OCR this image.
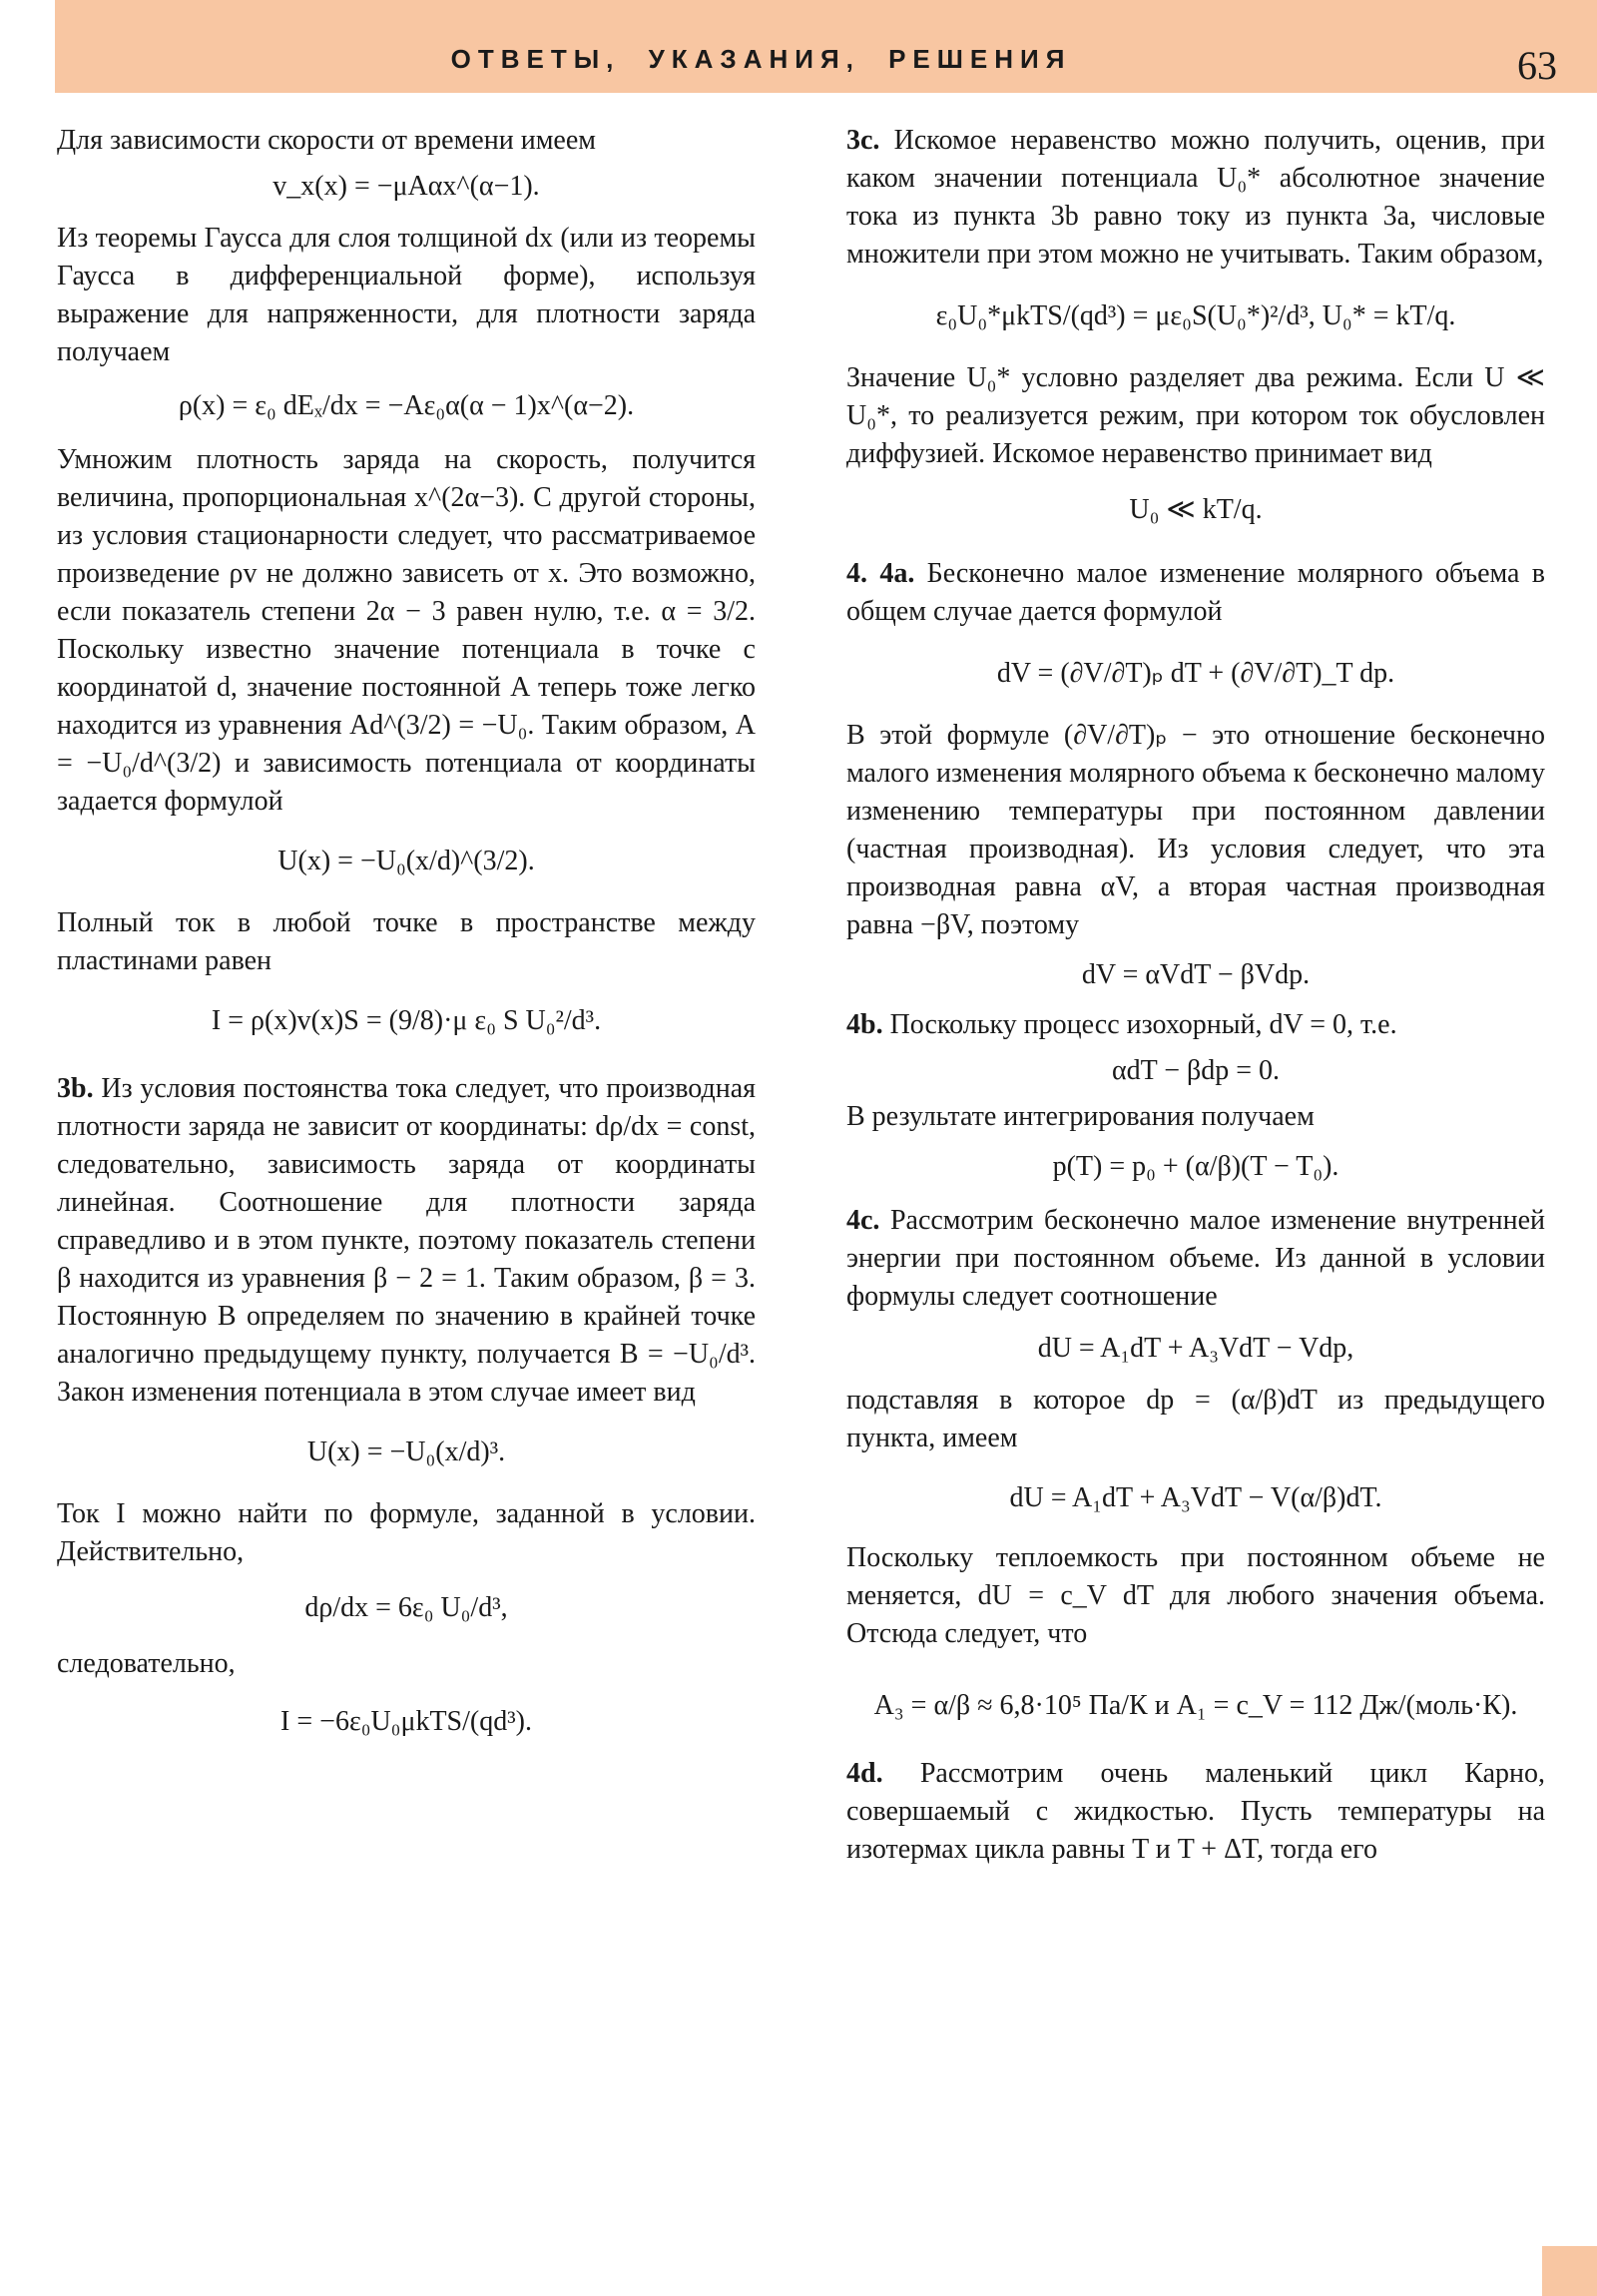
ОТВЕТЫ, УКАЗАНИЯ, РЕШЕНИЯ	63

Для зависимости скорости от времени имеем

v_x(x) = −μAαx^(α−1).

Из теоремы Гаусса для слоя толщиной dx (или из теоремы Гаусса в дифференциальной форме), используя выражение для напряженности, для плотности заряда получаем

ρ(x) = ε₀ dEₓ/dx = −Aε₀α(α − 1)x^(α−2).

Умножим плотность заряда на скорость, получится величина, пропорциональная x^(2α−3). С другой стороны, из условия стационарности следует, что рассматриваемое произведение ρv не должно зависеть от x. Это возможно, если показатель степени 2α − 3 равен нулю, т.е. α = 3/2. Поскольку известно значение потенциала в точке с координатой d, значение постоянной A теперь тоже легко находится из уравнения Ad^(3/2) = −U₀. Таким образом, A = −U₀/d^(3/2) и зависимость потенциала от координаты задается формулой

U(x) = −U₀(x/d)^(3/2).

Полный ток в любой точке в пространстве между пластинами равен

I = ρ(x)v(x)S = (9/8)·μ ε₀ S U₀²/d³.

3b. Из условия постоянства тока следует, что производная плотности заряда не зависит от координаты: dρ/dx = const, следовательно, зависимость заряда от координаты линейная. Соотношение для плотности заряда справедливо и в этом пункте, поэтому показатель степени β находится из уравнения β − 2 = 1. Таким образом, β = 3. Постоянную B определяем по значению в крайней точке аналогично предыдущему пункту, получается B = −U₀/d³. Закон изменения потенциала в этом случае имеет вид

U(x) = −U₀(x/d)³.

Ток I можно найти по формуле, заданной в условии. Действительно,

dρ/dx = 6ε₀ U₀/d³,

следовательно,

I = −6ε₀U₀μkTS/(qd³).

3c. Искомое неравенство можно получить, оценив, при каком значении потенциала U₀* абсолютное значение тока из пункта 3b равно току из пункта 3a, числовые множители при этом можно не учитывать. Таким образом,

ε₀U₀*μkTS/(qd³) = με₀S(U₀*)²/d³, U₀* = kT/q.

Значение U₀* условно разделяет два режима. Если U ≪ U₀*, то реализуется режим, при котором ток обусловлен диффузией. Искомое неравенство принимает вид

U₀ ≪ kT/q.

4. 4a. Бесконечно малое изменение молярного объема в общем случае дается формулой

dV = (∂V/∂T)ₚ dT + (∂V/∂T)_T dp.

В этой формуле (∂V/∂T)ₚ − это отношение бесконечно малого изменения молярного объема к бесконечно малому изменению температуры при постоянном давлении (частная производная). Из условия следует, что эта производная равна αV, а вторая частная производная равна −βV, поэтому

dV = αVdT − βVdp.

4b. Поскольку процесс изохорный, dV = 0, т.е.

αdT − βdp = 0.

В результате интегрирования получаем

p(T) = p₀ + (α/β)(T − T₀).

4c. Рассмотрим бесконечно малое изменение внутренней энергии при постоянном объеме. Из данной в условии формулы следует соотношение

dU = A₁dT + A₃VdT − Vdp,

подставляя в которое dp = (α/β)dT из предыдущего пункта, имеем

dU = A₁dT + A₃VdT − V(α/β)dT.

Поскольку теплоемкость при постоянном объеме не меняется, dU = c_V dT для любого значения объема. Отсюда следует, что

A₃ = α/β ≈ 6,8·10⁵ Па/К и A₁ = c_V = 112 Дж/(моль·К).

4d. Рассмотрим очень маленький цикл Карно, совершаемый с жидкостью. Пусть температуры на изотермах цикла равны T и T + ΔT, тогда его
